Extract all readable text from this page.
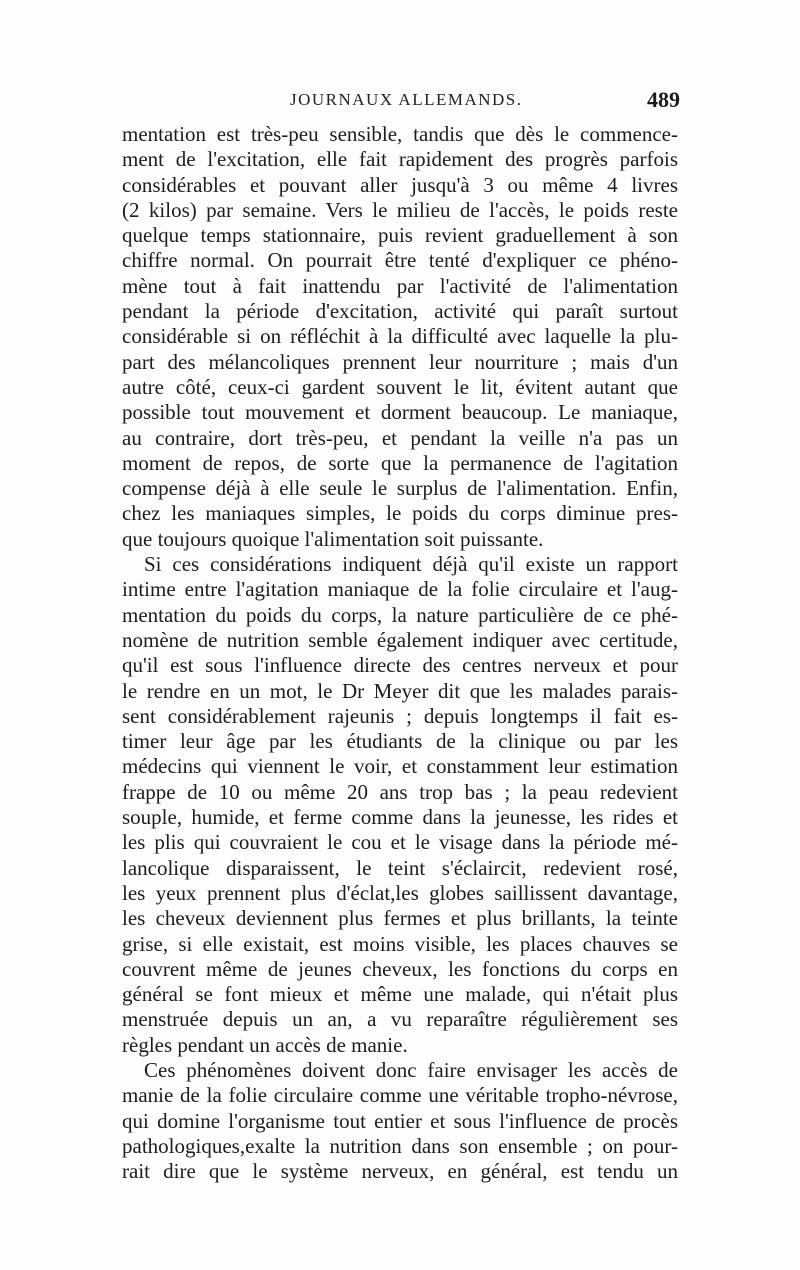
JOURNAUX ALLEMANDS.	489
mentation est très-peu sensible, tandis que dès le commence-
ment de l'excitation, elle fait rapidement des progrès parfois
considérables et pouvant aller jusqu'à 3 ou même 4 livres
(2 kilos) par semaine. Vers le milieu de l'accès, le poids reste
quelque temps stationnaire, puis revient graduellement à son
chiffre normal. On pourrait être tenté d'expliquer ce phéno-
mène tout à fait inattendu par l'activité de l'alimentation
pendant la période d'excitation, activité qui paraît surtout
considérable si on réfléchit à la difficulté avec laquelle la plu-
part des mélancoliques prennent leur nourriture ; mais d'un
autre côté, ceux-ci gardent souvent le lit, évitent autant que
possible tout mouvement et dorment beaucoup. Le maniaque,
au contraire, dort très-peu, et pendant la veille n'a pas un
moment de repos, de sorte que la permanence de l'agitation
compense déjà à elle seule le surplus de l'alimentation. Enfin,
chez les maniaques simples, le poids du corps diminue pres-
que toujours quoique l'alimentation soit puissante.
Si ces considérations indiquent déjà qu'il existe un rapport
intime entre l'agitation maniaque de la folie circulaire et l'aug-
mentation du poids du corps, la nature particulière de ce phé-
nomène de nutrition semble également indiquer avec certitude,
qu'il est sous l'influence directe des centres nerveux et pour
le rendre en un mot, le Dr Meyer dit que les malades parais-
sent considérablement rajeunis ; depuis longtemps il fait es-
timer leur âge par les étudiants de la clinique ou par les
médecins qui viennent le voir, et constamment leur estimation
frappe de 10 ou même 20 ans trop bas ; la peau redevient
souple, humide, et ferme comme dans la jeunesse, les rides et
les plis qui couvraient le cou et le visage dans la période mé-
lancolique disparaissent, le teint s'éclaircit, redevient rosé,
les yeux prennent plus d'éclat,les globes saillissent davantage,
les cheveux deviennent plus fermes et plus brillants, la teinte
grise, si elle existait, est moins visible, les places chauves se
couvrent même de jeunes cheveux, les fonctions du corps en
général se font mieux et même une malade, qui n'était plus
menstruée depuis un an, a vu reparaître régulièrement ses
règles pendant un accès de manie.
Ces phénomènes doivent donc faire envisager les accès de
manie de la folie circulaire comme une véritable tropho-névrose,
qui domine l'organisme tout entier et sous l'influence de procès
pathologiques,exalte la nutrition dans son ensemble ; on pour-
rait dire que le système nerveux, en général, est tendu un
